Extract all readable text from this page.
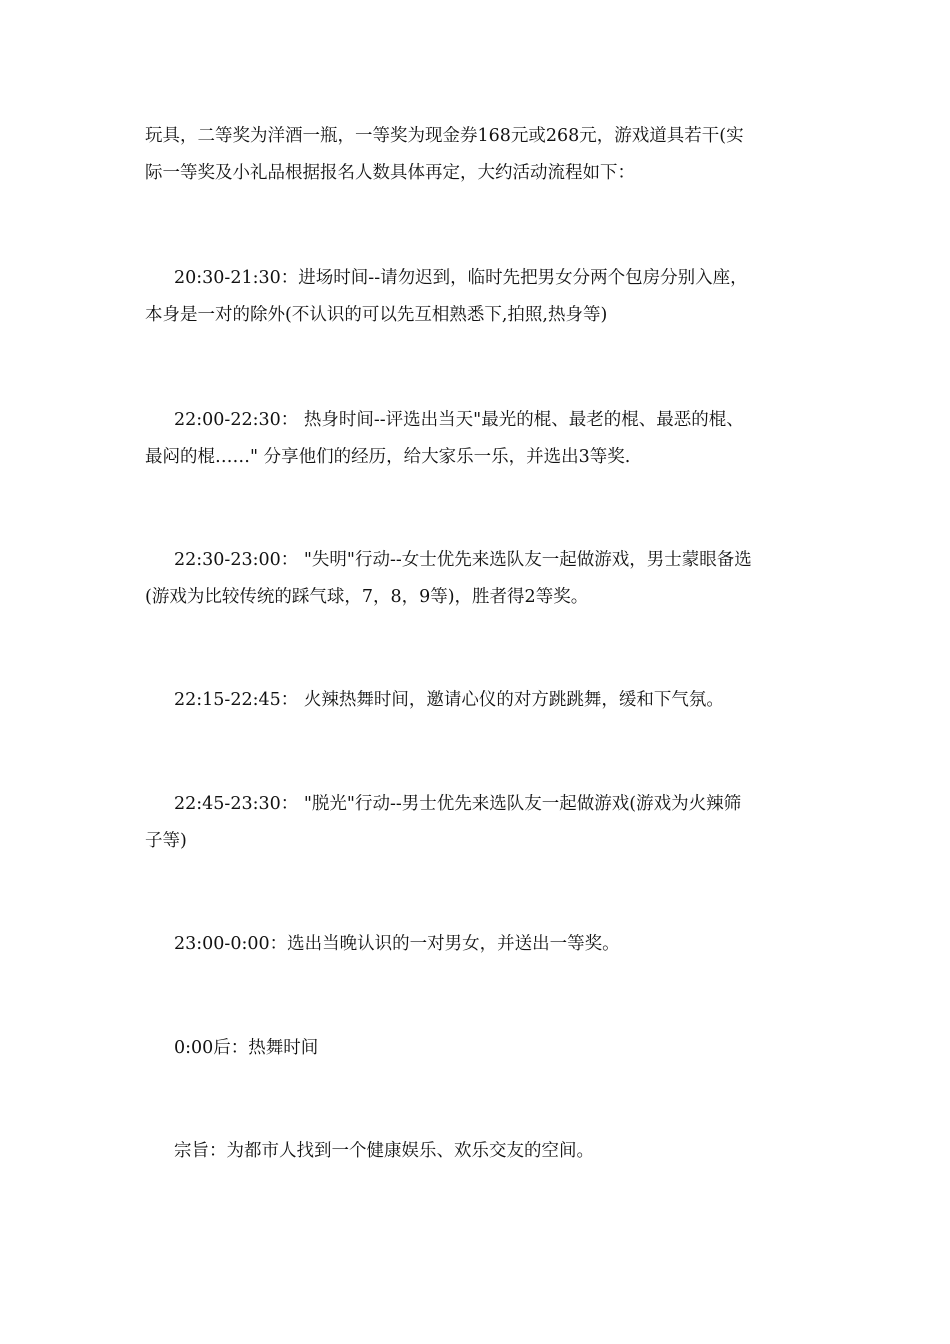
玩具，二等奖为洋酒一瓶，一等奖为现金券168元或268元，游戏道具若干(实
际一等奖及小礼品根据报名人数具体再定，大约活动流程如下：

20:30-21:30：进场时间--请勿迟到，临时先把男女分两个包房分别入座，
本身是一对的除外(不认识的可以先互相熟悉下,拍照,热身等)

22:00-22:30： 热身时间--评选出当天"最光的棍、最老的棍、最恶的棍、
最闷的棍……" 分享他们的经历，给大家乐一乐，并选出3等奖.

22:30-23:00： "失明"行动--女士优先来选队友一起做游戏，男士蒙眼备选
(游戏为比较传统的踩气球，7，8，9等)，胜者得2等奖。

22:15-22:45： 火辣热舞时间，邀请心仪的对方跳跳舞，缓和下气氛。

22:45-23:30： "脱光"行动--男士优先来选队友一起做游戏(游戏为火辣筛
子等)

23:00-0:00：选出当晚认识的一对男女，并送出一等奖。

0:00后：热舞时间

宗旨：为都市人找到一个健康娱乐、欢乐交友的空间。
